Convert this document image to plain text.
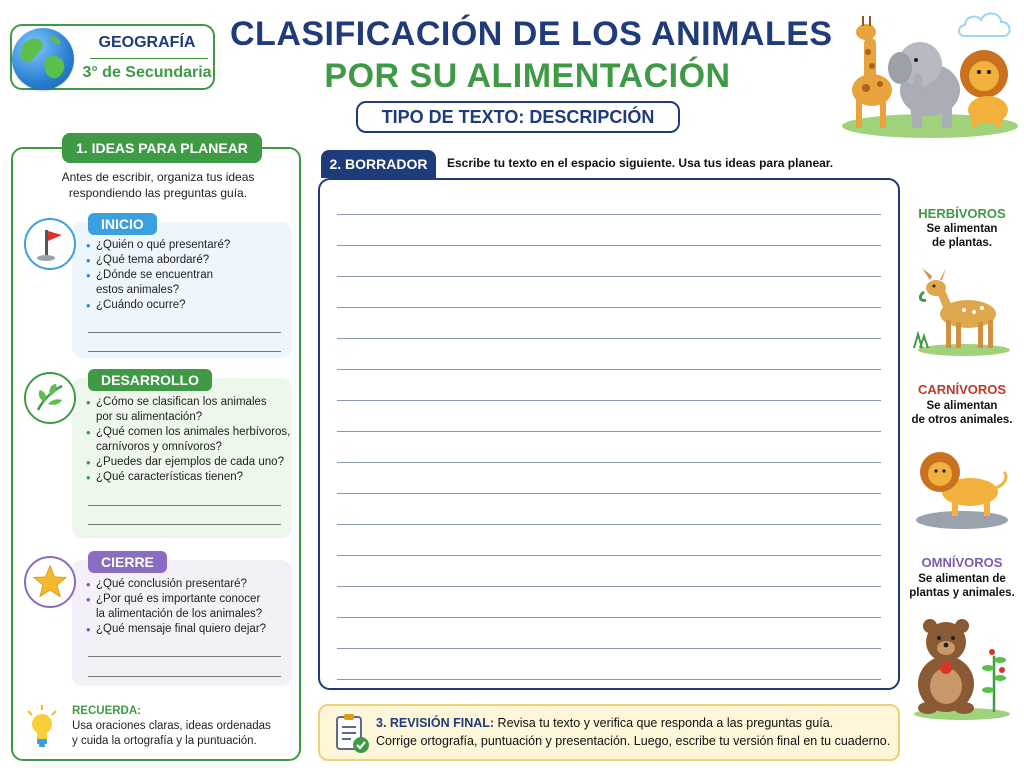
GEOGRAFÍA
3° de Secundaria
CLASIFICACIÓN DE LOS ANIMALES
POR SU ALIMENTACIÓN
TIPO DE TEXTO: DESCRIPCIÓN
1. IDEAS PARA PLANEAR
Antes de escribir, organiza tus ideas
respondiendo las preguntas guía.
INICIO
• ¿Quién o qué presentaré?
• ¿Qué tema abordaré?
• ¿Dónde se encuentran
estos animales?
• ¿Cuándo ocurre?
DESARROLLO
• ¿Cómo se clasifican los animales
por su alimentación?
• ¿Qué comen los animales herbívoros,
carnívoros y omnívoros?
• ¿Puedes dar ejemplos de cada uno?
• ¿Qué características tienen?
CIERRE
• ¿Qué conclusión presentaré?
• ¿Por qué es importante conocer
la alimentación de los animales?
• ¿Qué mensaje final quiero dejar?
RECUERDA:
Usa oraciones claras, ideas ordenadas
y cuida la ortografía y la puntuación.
2. BORRADOR	Escribe tu texto en el espacio siguiente. Usa tus ideas para planear.
3. REVISIÓN FINAL: Revisa tu texto y verifica que responda a las preguntas guía.
Corrige ortografía, puntuación y presentación. Luego, escribe tu versión final en tu cuaderno.
HERBÍVOROS
Se alimentan
de plantas.
CARNÍVOROS
Se alimentan
de otros animales.
OMNÍVOROS
Se alimentan de
plantas y animales.
